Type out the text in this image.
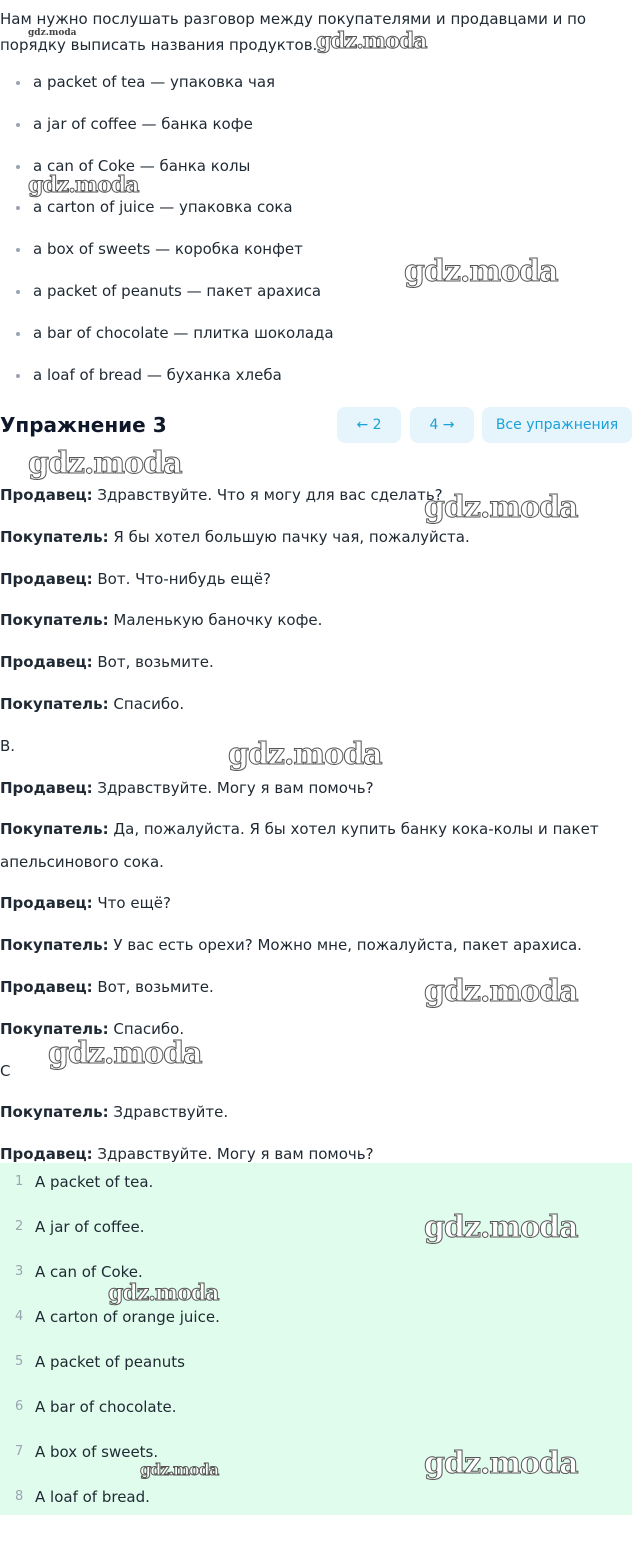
Нам нужно послушать разговор между покупателями и продавцами и по порядку выписать названия продуктов.
a packet of tea — упаковка чая
a jar of coffee — банка кофе
a can of Coke — банка колы
a carton of juice — упаковка сока
a box of sweets — коробка конфет
a packet of peanuts — пакет арахиса
a bar of chocolate — плитка шоколада
a loaf of bread — буханка хлеба
Упражнение 3	← 2	4 →	Все упражнения
Продавец: Здравствуйте. Что я могу для вас сделать?
Покупатель: Я бы хотел большую пачку чая, пожалуйста.
Продавец: Вот. Что-нибудь ещё?
Покупатель: Маленькую баночку кофе.
Продавец: Вот, возьмите.
Покупатель: Спасибо.
B.
Продавец: Здравствуйте. Могу я вам помочь?
Покупатель: Да, пожалуйста. Я бы хотел купить банку кока-колы и пакет апельсинового сока.
Продавец: Что ещё?
Покупатель: У вас есть орехи? Можно мне, пожалуйста, пакет арахиса.
Продавец: Вот, возьмите.
Покупатель: Спасибо.
C
Покупатель: Здравствуйте.
Продавец: Здравствуйте. Могу я вам помочь?
1 A packet of tea.
2 A jar of coffee.
3 A can of Coke.
4 A carton of orange juice.
5 A packet of peanuts
6 A bar of chocolate.
7 A box of sweets.
8 A loaf of bread.
gdz.moda	gdz.moda
gdz.moda
gdz.moda
gdz.moda
gdz.moda
gdz.moda
gdz.moda
gdz.moda
gdz.moda
gdz.moda
gdz.moda
gdz.moda
